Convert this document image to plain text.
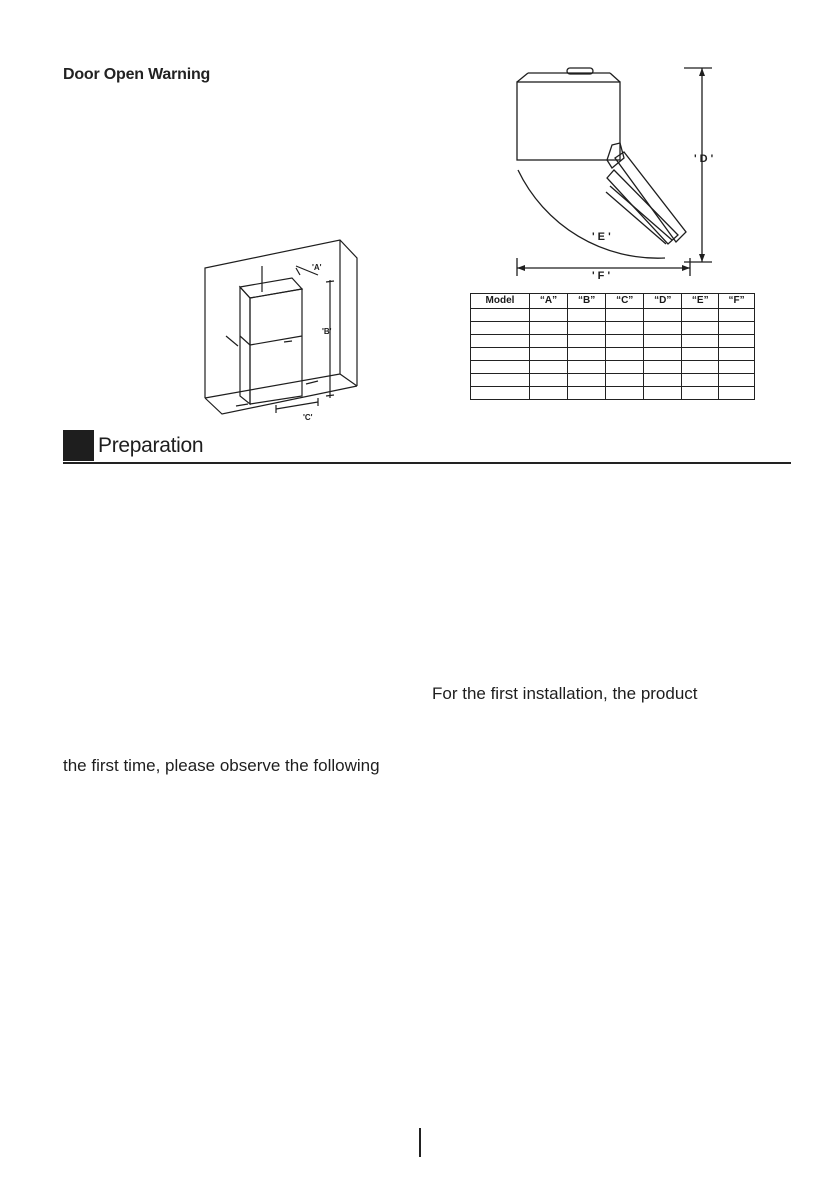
Door Open Warning
'A'
'B'
'C'
' D '
' E '
' F '
Model	“A”	“B”	“C”	“D”	“E”	“F”

Preparation
For the first installation, the product
the first time, please observe the following
